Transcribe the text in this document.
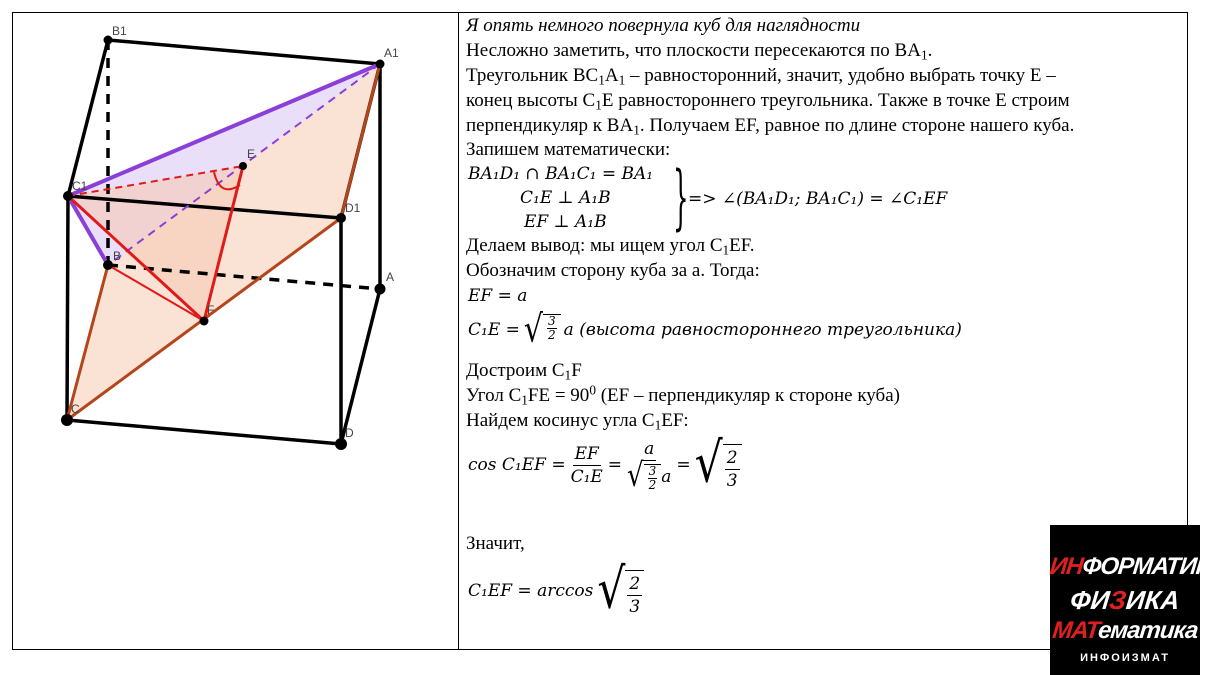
B1
A1
C1
D1
B
A
C
D
E
F
Я опять немного повернула куб для наглядности
Несложно заметить, что плоскости пересекаются по $BA_1$.
Треугольник $BC_1A_1$ – равносторонний, значит, удобно выбрать точку E –
конец высоты $C_1E$ равностороннего треугольника. Также в точке E строим
перпендикуляр к $BA_1$. Получаем EF, равное по длине стороне нашего куба.
Запишем математически:
BA₁D₁ ∩ BA₁C₁ = BA₁
C₁E ⊥ A₁B
EF ⊥ A₁B } => ∠(BA₁D₁; BA₁C₁) = ∠C₁EF
Делаем вывод: мы ищем угол $C_1EF$.
Обозначим сторону куба за а. Тогда:
EF = a
C₁E = √ $\frac{3}{2}$ a (высота равностороннего треугольника)
Достроим $C_1F$
Угол $C_1FE = 90^0$ (EF – перпендикуляр к стороне куба)
Найдем косинус угла $C_1EF$:
$\cos C_1EF = \frac{EF}{\text{C₁E}} = \frac{a}{√ \frac{3}{2} a}$ = √ $\frac{2}{3}$
Значит,
C₁EF = arccos √ $\frac{2}{3}$
ИНФОРМАТИКА
ФИЗИКА
МАТематика
ИНФОИЗМАТ
